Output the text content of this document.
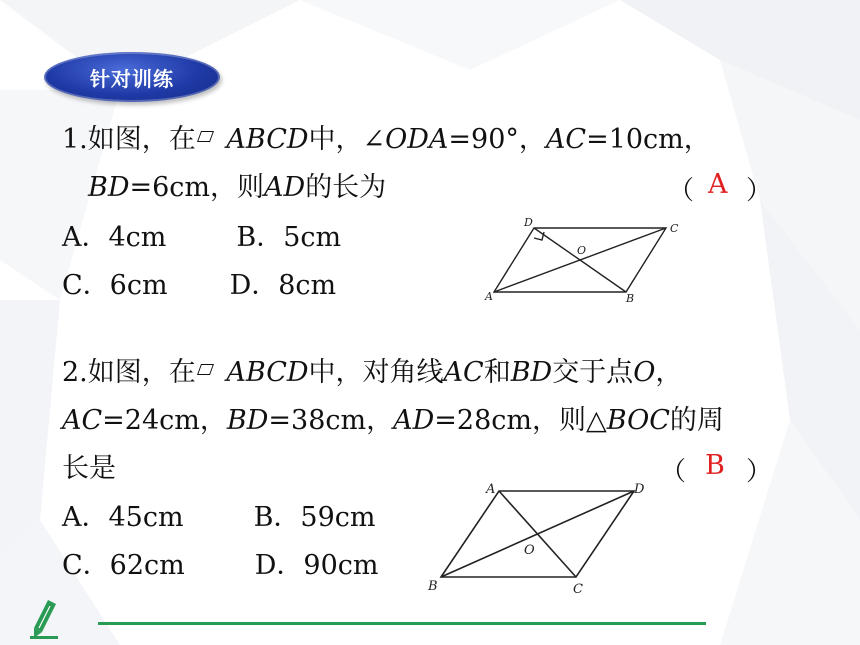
针对训练
1.如图，在 ABCD中，∠ODA=90°，AC=10cm，
BD=6cm，则AD的长为	（ A ）
A．4cm	B．5cm
C．6cm D．8cm	A	B
C
D
O
2.如图，在 ABCD中，对角线AC和BD交于点O，
AC=24cm，BD=38cm，AD=28cm，则△BOC的周
长是	（ B ）
A．45cm	B．59cm
C．62cm	D．90cm
A
B	C
D
O
